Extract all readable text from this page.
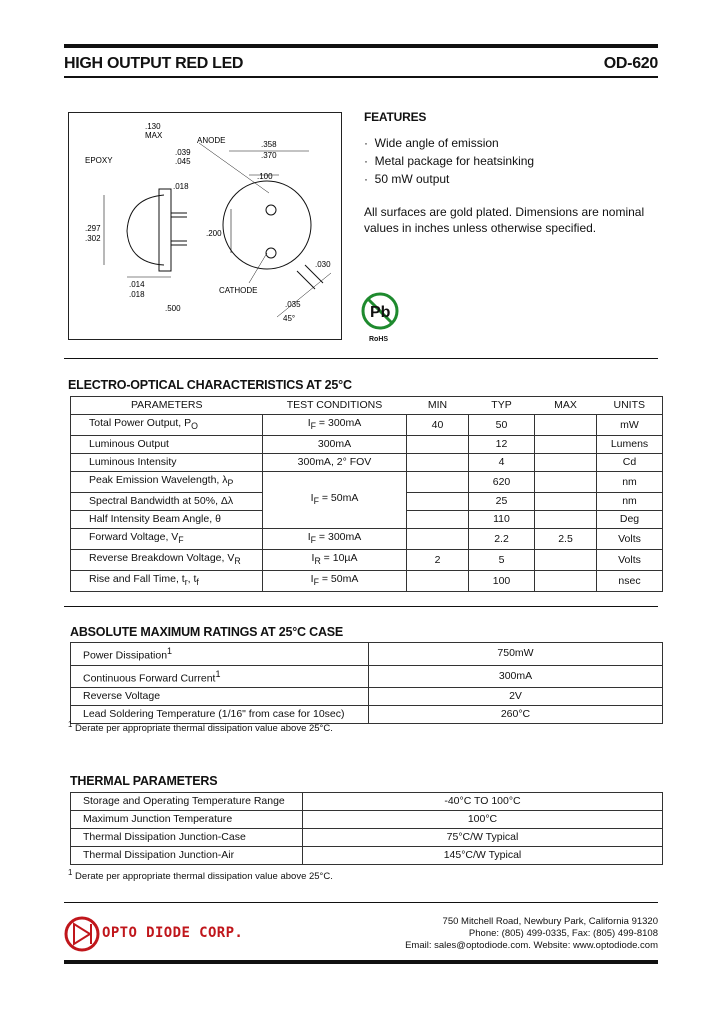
HIGH OUTPUT RED LED	OD-620
.130
MAX
.039
.045
EPOXY
ANODE	.358
.370
.100
.018
.297
.302
.200
.030
.014
.018	CATHODE
.035
.500
45°
FEATURES
·  Wide angle of emission
·  Metal package for heatsinking
·  50 mW output
All surfaces are gold plated. Dimensions are nominal values in inches unless otherwise specified.
Pb
RoHS
ELECTRO-OPTICAL CHARACTERISTICS AT 25°C
PARAMETERS	TEST CONDITIONS	MIN	TYP	MAX	UNITS
Total Power Output, $P_O$	$I_F = 300mA$	40	50		mW
Luminous Output	300mA		12		Lumens
Luminous Intensity	300mA, 2° FOV		4		Cd
Peak Emission Wavelength, $\lambda_P$	$I_F = 50mA$		620		nm
Spectral Bandwidth at 50%, Δλ			25		nm
Half Intensity Beam Angle, θ			110		Deg
Forward Voltage, $V_F$	$I_F = 300mA$		2.2	2.5	Volts
Reverse Breakdown Voltage, $V_R$	$I_R = 10\mu A$	2	5		Volts
Rise and Fall Time, $t_r$, $t_f$	$I_F = 50mA$		100		nsec
ABSOLUTE MAXIMUM RATINGS AT 25°C CASE
Power Dissipation$^1$	750mW
Continuous Forward Current$^1$	300mA
Reverse Voltage	2V
Lead Soldering Temperature (1/16" from case for 10sec)	260°C
$^1$ Derate per appropriate thermal dissipation value above 25°C.
THERMAL PARAMETERS
Storage and Operating Temperature Range	-40°C TO 100°C
Maximum Junction Temperature	100°C
Thermal Dissipation Junction-Case	75°C/W Typical
Thermal Dissipation Junction-Air	145°C/W Typical
$^1$ Derate per appropriate thermal dissipation value above 25°C.
OPTO DIODE CORP.
750 Mitchell Road, Newbury Park, California 91320
Phone: (805) 499-0335, Fax: (805) 499-8108
Email: sales@optodiode.com. Website: www.optodiode.com
